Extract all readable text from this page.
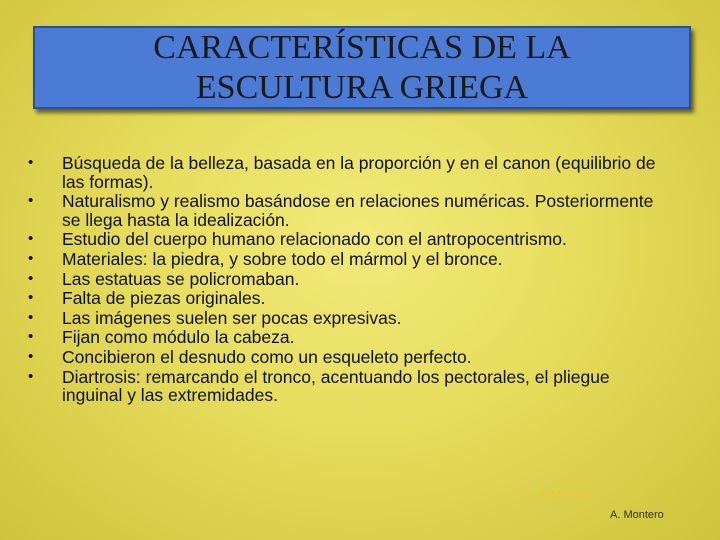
CARACTERÍSTICAS DE LA ESCULTURA GRIEGA
•	Búsqueda de la belleza, basada en la proporción y en el canon (equilibrio de las formas).
•	Naturalismo y realismo basándose en relaciones numéricas. Posteriormente se llega hasta la idealización.
•	Estudio del cuerpo humano relacionado con el antropocentrismo.
•	Materiales: la piedra, y sobre todo el mármol y el bronce.
•	Las estatuas se policromaban.
•	Falta de piezas originales.
•	Las imágenes suelen ser pocas expresivas.
•	Fijan como módulo la cabeza.
•	Concibieron el desnudo como un esqueleto perfecto.
•	Diartrosis: remarcando el tronco, acentuando los pectorales, el pliegue inguinal y las extremidades.
A. Montero
A. Montero
